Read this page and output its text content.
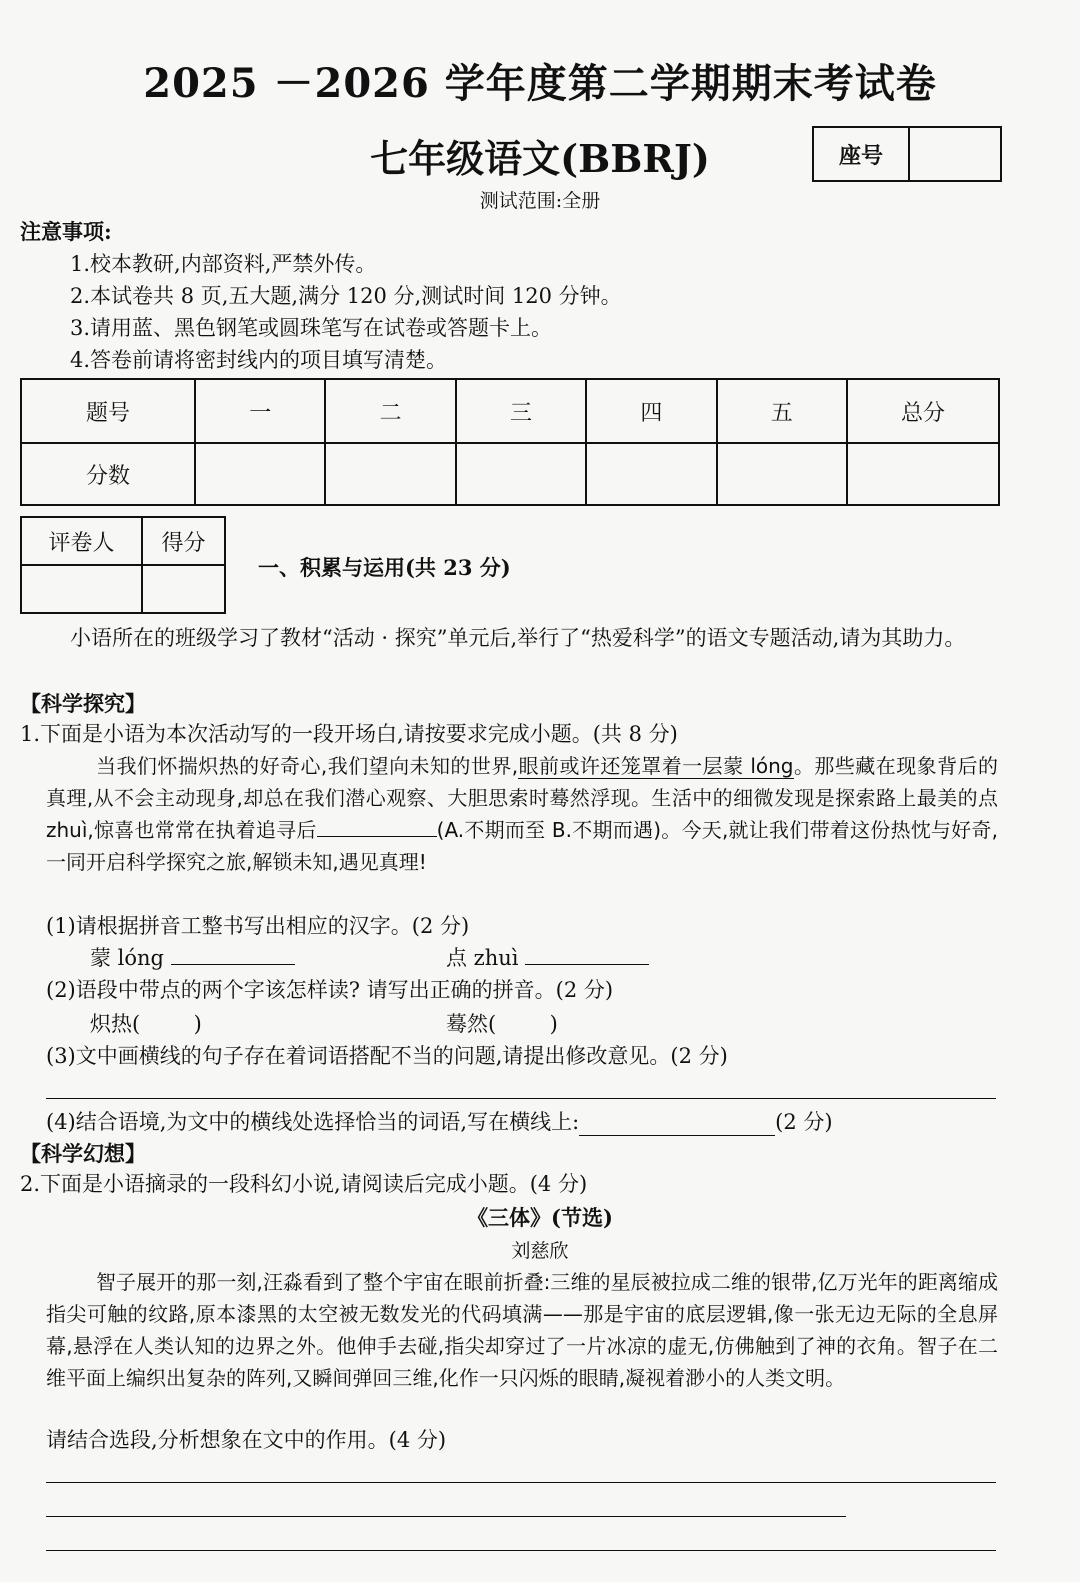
2025 －2026 学年度第二学期期末考试卷
七年级语文(BBRJ)	座号
测试范围:全册
注意事项:
1.校本教研,内部资料,严禁外传。
2.本试卷共 8 页,五大题,满分 120 分,测试时间 120 分钟。
3.请用蓝、黑色钢笔或圆珠笔写在试卷或答题卡上。
4.答卷前请将密封线内的项目填写清楚。
题号	一	二	三	四	五	总分
分数						
评卷人	得分

一、积累与运用(共 23 分)
小语所在的班级学习了教材“活动 · 探究”单元后,举行了“热爱科学”的语文专题活动,请为其助力。
【科学探究】
1.下面是小语为本次活动写的一段开场白,请按要求完成小题。(共 8 分)
当我们怀揣炽热的好奇心,我们望向未知的世界,眼前或许还笼罩着一层蒙 lóng。那些藏在现象背后的真理,从不会主动现身,却总在我们潜心观察、大胆思索时蓦然浮现。生活中的细微发现是探索路上最美的点 zhuì,惊喜也常常在执着追寻后	(A.不期而至 B.不期而遇)。今天,就让我们带着这份热忱与好奇,一同开启科学探究之旅,解锁未知,遇见真理!
(1)请根据拼音工整书写出相应的汉字。(2 分)
蒙 lóng	点 zhuì
(2)语段中带点的两个字该怎样读? 请写出正确的拼音。(2 分)
炽热(        )	蓦然(        )
(3)文中画横线的句子存在着词语搭配不当的问题,请提出修改意见。(2 分)
(4)结合语境,为文中的横线处选择恰当的词语,写在横线上:	(2 分)
【科学幻想】
2.下面是小语摘录的一段科幻小说,请阅读后完成小题。(4 分)
《三体》(节选)
刘慈欣
智子展开的那一刻,汪淼看到了整个宇宙在眼前折叠:三维的星辰被拉成二维的银带,亿万光年的距离缩成指尖可触的纹路,原本漆黑的太空被无数发光的代码填满——那是宇宙的底层逻辑,像一张无边无际的全息屏幕,悬浮在人类认知的边界之外。他伸手去碰,指尖却穿过了一片冰凉的虚无,仿佛触到了神的衣角。智子在二维平面上编织出复杂的阵列,又瞬间弹回三维,化作一只闪烁的眼睛,凝视着渺小的人类文明。
请结合选段,分析想象在文中的作用。(4 分)
